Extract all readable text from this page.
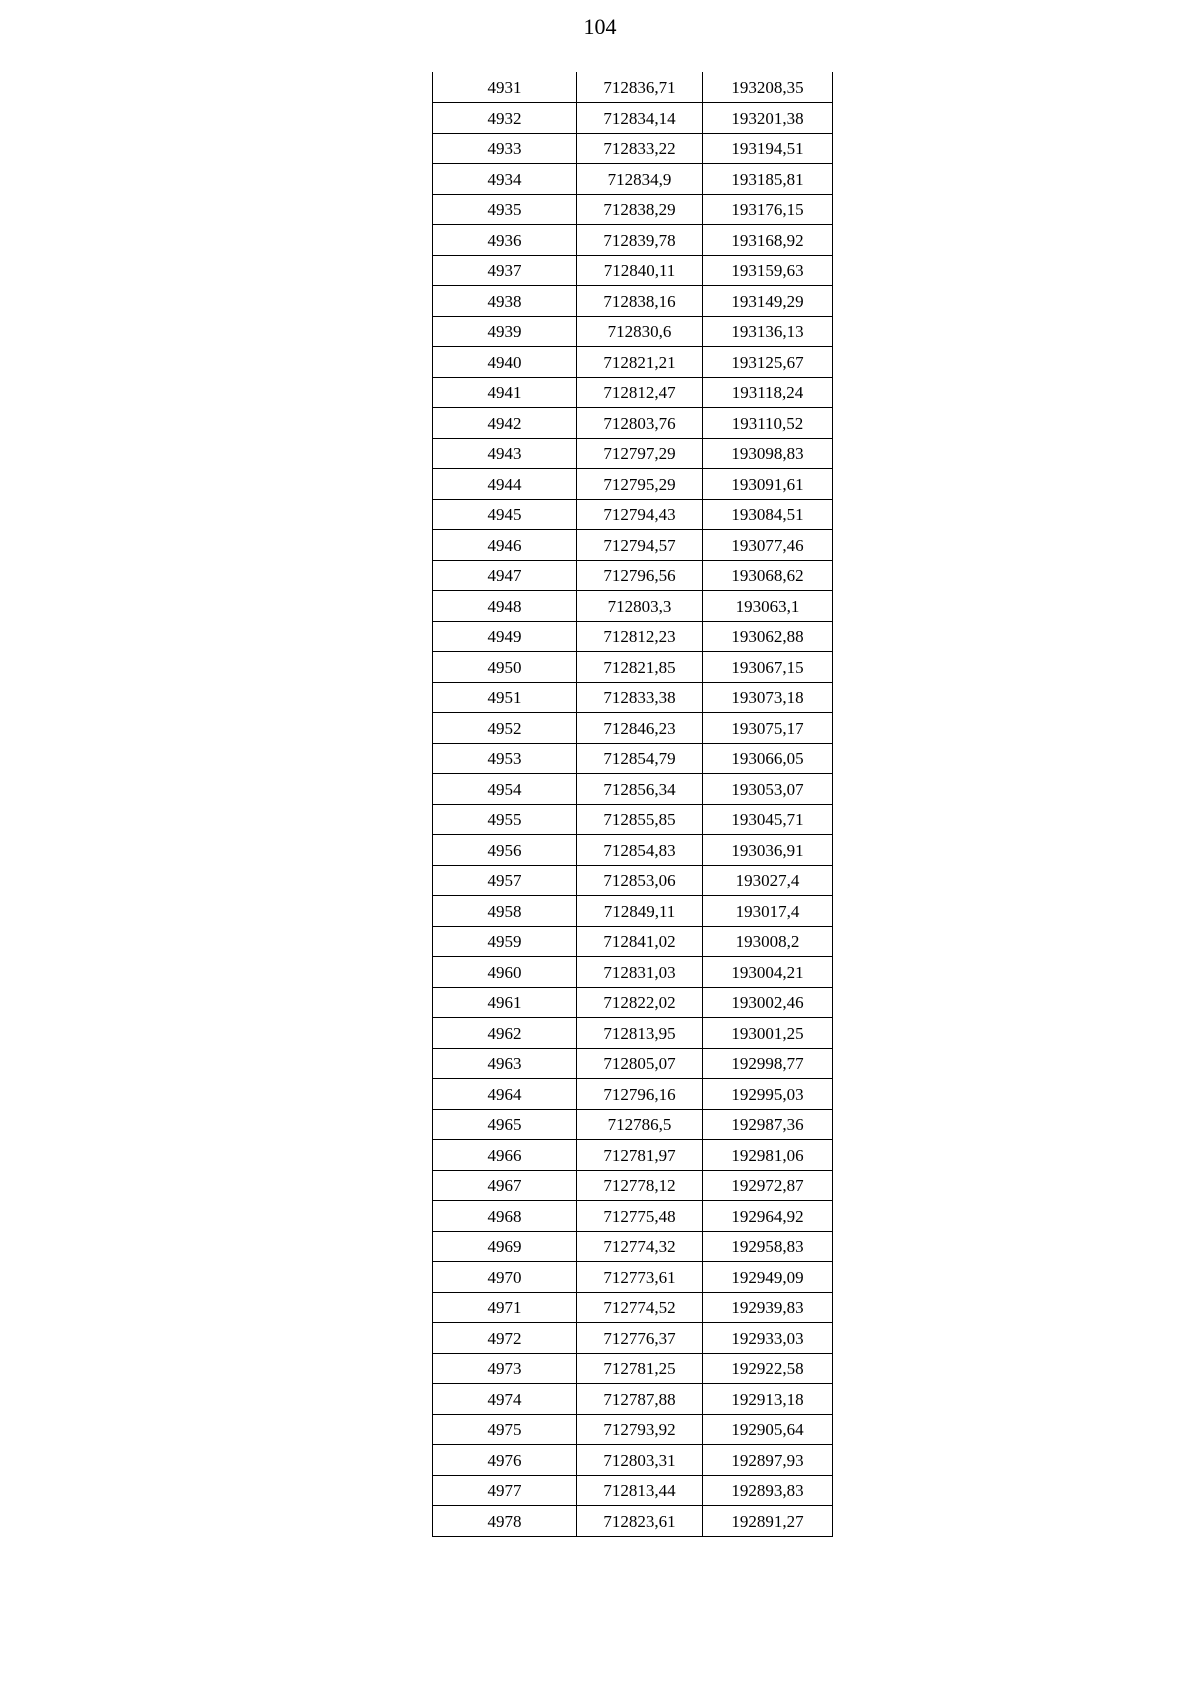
104
4931	712836,71	193208,35
4932	712834,14	193201,38
4933	712833,22	193194,51
4934	712834,9	193185,81
4935	712838,29	193176,15
4936	712839,78	193168,92
4937	712840,11	193159,63
4938	712838,16	193149,29
4939	712830,6	193136,13
4940	712821,21	193125,67
4941	712812,47	193118,24
4942	712803,76	193110,52
4943	712797,29	193098,83
4944	712795,29	193091,61
4945	712794,43	193084,51
4946	712794,57	193077,46
4947	712796,56	193068,62
4948	712803,3	193063,1
4949	712812,23	193062,88
4950	712821,85	193067,15
4951	712833,38	193073,18
4952	712846,23	193075,17
4953	712854,79	193066,05
4954	712856,34	193053,07
4955	712855,85	193045,71
4956	712854,83	193036,91
4957	712853,06	193027,4
4958	712849,11	193017,4
4959	712841,02	193008,2
4960	712831,03	193004,21
4961	712822,02	193002,46
4962	712813,95	193001,25
4963	712805,07	192998,77
4964	712796,16	192995,03
4965	712786,5	192987,36
4966	712781,97	192981,06
4967	712778,12	192972,87
4968	712775,48	192964,92
4969	712774,32	192958,83
4970	712773,61	192949,09
4971	712774,52	192939,83
4972	712776,37	192933,03
4973	712781,25	192922,58
4974	712787,88	192913,18
4975	712793,92	192905,64
4976	712803,31	192897,93
4977	712813,44	192893,83
4978	712823,61	192891,27
